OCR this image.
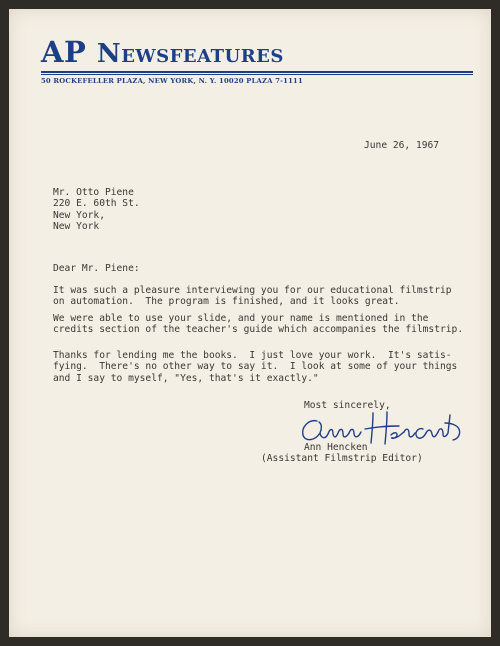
AP Newsfeatures
50 ROCKEFELLER PLAZA, NEW YORK, N. Y. 10020 PLAZA 7-1111
June 26, 1967
Mr. Otto Piene
220 E. 60th St.
New York,
New York
Dear Mr. Piene:
It was such a pleasure interviewing you for our educational filmstrip
on automation.  The program is finished, and it looks great.
We were able to use your slide, and your name is mentioned in the
credits section of the teacher's guide which accompanies the filmstrip.
Thanks for lending me the books.  I just love your work.  It's satis-
fying.  There's no other way to say it.  I look at some of your things
and I say to myself, "Yes, that's it exactly."
Most sincerely,
Ann Hencken
(Assistant Filmstrip Editor)
